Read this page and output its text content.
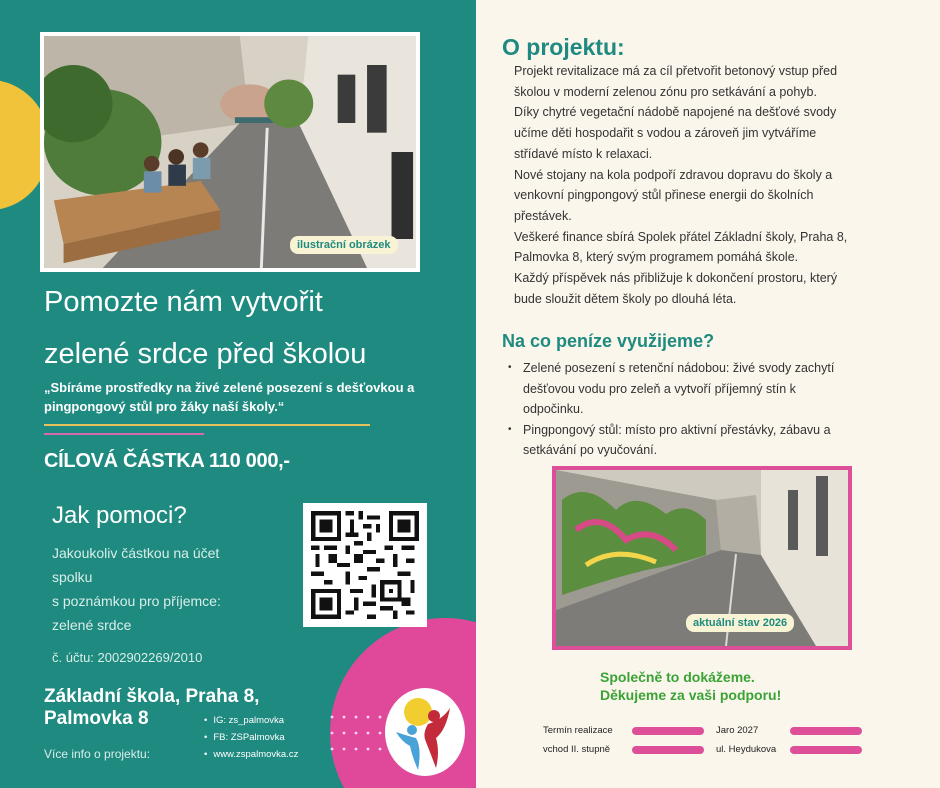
ilustrační obrázek
Pomozte nám vytvořit
zelené srdce před školou
„Sbíráme prostředky na živé zelené posezení s dešťovkou a
pingpongový stůl pro žáky naší školy.“
CÍLOVÁ ČÁSTKA 110 000,-
Jak pomoci?
Jakoukoliv částkou na účet
spolku
s poznámkou pro příjemce:
zelené srdce
č. účtu: 2002902269/2010
Základní škola, Praha 8,
Palmovka 8
Více info o projektu:
• IG: zs_palmovka
• FB: ZSPalmovka
• www.zspalmovka.cz
O projektu:
Projekt revitalizace má za cíl přetvořit betonový vstup před
školou v moderní zelenou zónu pro setkávání a pohyb.
Díky chytré vegetační nádobě napojené na dešťové svody
učíme děti hospodařit s vodou a zároveň jim vytváříme
střídavé místo k relaxaci.
Nové stojany na kola podpoří zdravou dopravu do školy a
venkovní pingpongový stůl přinese energii do školních
přestávek.
Veškeré finance sbírá Spolek přátel Základní školy, Praha 8,
Palmovka 8, který svým programem pomáhá škole.
Každý příspěvek nás přibližuje k dokončení prostoru, který
bude sloužit dětem školy po dlouhá léta.
Na co peníze využijeme?
• Zelené posezení s retenční nádobou: živé svody zachytí
dešťovou vodu pro zeleň a vytvoří příjemný stín k
odpočinku.
• Pingpongový stůl: místo pro aktivní přestávky, zábavu a
setkávání po vyučování.
aktuální stav 2026
Společně to dokážeme.
Děkujeme za vaši podporu!
Termín realizace	Jaro 2027
vchod II. stupně	ul. Heydukova
